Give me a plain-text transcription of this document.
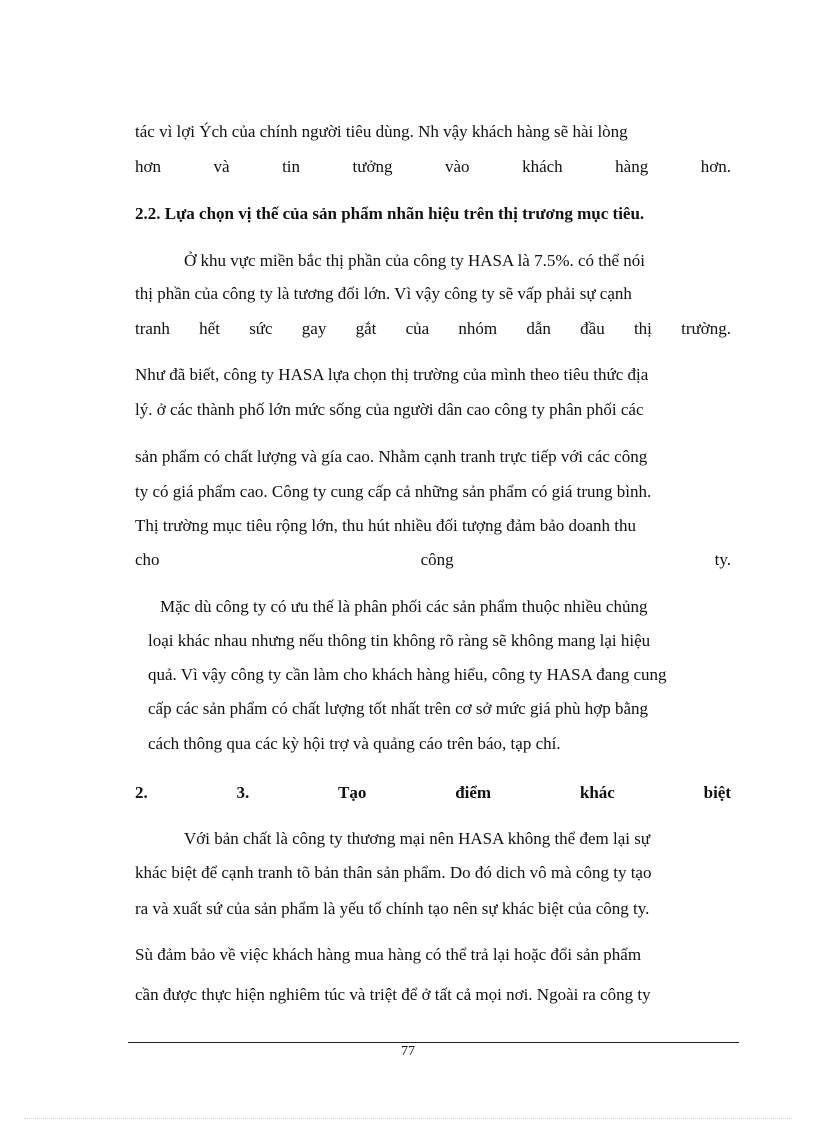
tác vì lợi Ých của chính người tiêu dùng. Nh vậy khách hàng sẽ hài lòng
hơn	và	tin	tưởng	vào	khách	hàng	hơn.
2.2. Lựa chọn vị thế của sản phẩm nhãn hiệu trên thị trương mục tiêu.
Ở khu vực miền bắc thị phần của công ty HASA là 7.5%. có thể nói
thị phần của công ty là tương đối lớn. Vì vậy công ty sẽ vấp phải sự cạnh
tranh hết sức gay gắt của nhóm dẫn đầu thị trường.
Như đã biết, công ty HASA lựa chọn thị trường của mình theo tiêu thức địa
lý. ở các thành phố lớn mức sống của người dân cao công ty phân phối các
sản phẩm có chất lượng và gía cao. Nhằm cạnh tranh trực tiếp với các công
ty có giá phẩm cao. Công ty cung cấp cả những sản phẩm có giá trung bình.
Thị trường mục tiêu rộng lớn, thu hút nhiều đối tượng đảm bảo doanh thu
cho	công	ty.
Mặc dù công ty có ưu thế là phân phối các sản phẩm thuộc nhiều chủng
loại khác nhau nhưng nếu thông tin không rõ ràng sẽ không mang lại hiệu
quả. Vì vậy công ty cần làm cho khách hàng hiểu, công ty HASA đang cung
cấp các sản phẩm có chất lượng tốt nhất trên cơ sở mức giá phù hợp bằng
cách thông qua các kỳ hội trợ và quảng cáo trên báo, tạp chí.
2.	3.	Tạo	điểm	khác	biệt
Với bản chất là công ty thương mại nên HASA không thể đem lại sự
khác biệt để cạnh tranh tõ bản thân sản phẩm. Do đó dich vô mà công ty tạo
ra và xuất sứ của sản phẩm là yếu tố chính tạo nên sự khác biệt của công ty.
Sù đảm bảo về việc khách hàng mua hàng có thể trả lại hoặc đổi sản phẩm
cần được thực hiện nghiêm túc và triệt để ở tất cả mọi nơi. Ngoài ra công ty
77
